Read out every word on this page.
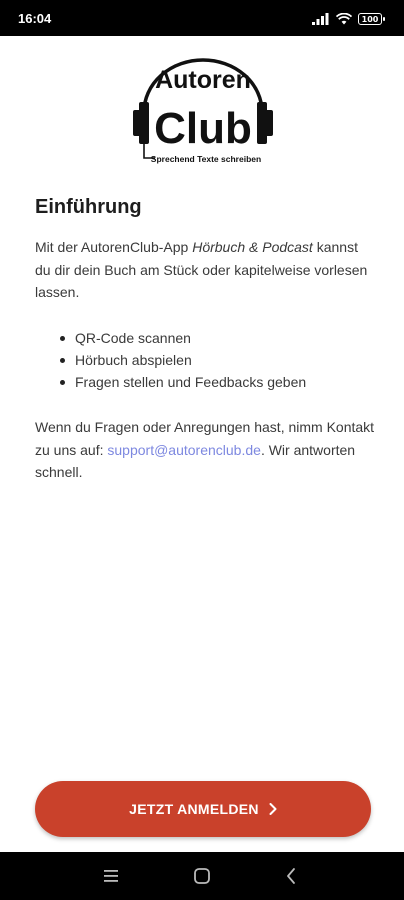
16:04	100
Autoren
Club
Sprechend Texte schreiben
Einführung
Mit der AutorenClub-App Hörbuch & Podcast kannst du dir dein Buch am Stück oder kapitelweise vorlesen lassen.
QR-Code scannen
Hörbuch abspielen
Fragen stellen und Feedbacks geben
Wenn du Fragen oder Anregungen hast, nimm Kontakt zu uns auf: support@autorenclub.de. Wir antworten schnell.
JETZT ANMELDEN
